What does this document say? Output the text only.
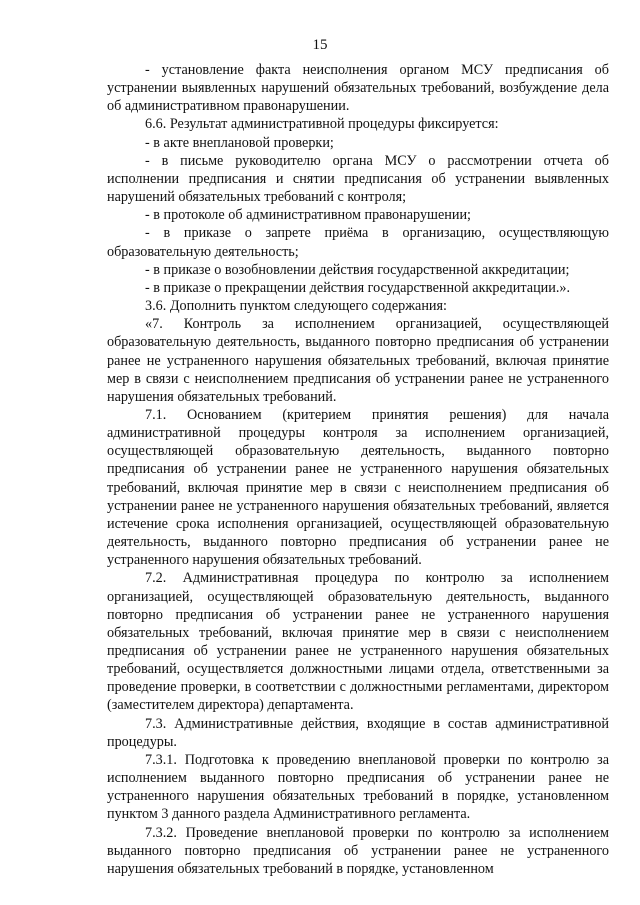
15

- установление факта неисполнения органом МСУ предписания об устранении выявленных нарушений обязательных требований, возбуждение дела об административном правонарушении.

6.6. Результат административной процедуры фиксируется:

- в акте внеплановой проверки;

- в письме руководителю органа МСУ о рассмотрении отчета об исполнении предписания и снятии предписания об устранении выявленных нарушений обязательных требований с контроля;

- в протоколе об административном правонарушении;

- в приказе о запрете приёма в организацию, осуществляющую образовательную деятельность;

- в приказе о возобновлении действия государственной аккредитации;

- в приказе о прекращении действия государственной аккредитации.».

3.6. Дополнить пунктом следующего содержания:

«7. Контроль за исполнением организацией, осуществляющей образовательную деятельность, выданного повторно предписания об устранении ранее не устраненного нарушения обязательных требований, включая принятие мер в связи с неисполнением предписания об устранении ранее не устраненного нарушения обязательных требований.

7.1. Основанием (критерием принятия решения) для начала административной процедуры контроля за исполнением организацией, осуществляющей образовательную деятельность, выданного повторно предписания об устранении ранее не устраненного нарушения обязательных требований, включая принятие мер в связи с неисполнением предписания об устранении ранее не устраненного нарушения обязательных требований, является истечение срока исполнения организацией, осуществляющей образовательную деятельность, выданного повторно предписания об устранении ранее не устраненного нарушения обязательных требований.

7.2. Административная процедура по контролю за исполнением организацией, осуществляющей образовательную деятельность, выданного повторно предписания об устранении ранее не устраненного нарушения обязательных требований, включая принятие мер в связи с неисполнением предписания об устранении ранее не устраненного нарушения обязательных требований, осуществляется должностными лицами отдела, ответственными за проведение проверки, в соответствии с должностными регламентами, директором (заместителем директора) департамента.

7.3. Административные действия, входящие в состав административной процедуры.

7.3.1. Подготовка к проведению внеплановой проверки по контролю за исполнением выданного повторно предписания об устранении ранее не устраненного нарушения обязательных требований в порядке, установленном пунктом 3 данного раздела Административного регламента.

7.3.2. Проведение внеплановой проверки по контролю за исполнением выданного повторно предписания об устранении ранее не устраненного нарушения обязательных требований в порядке, установленном
